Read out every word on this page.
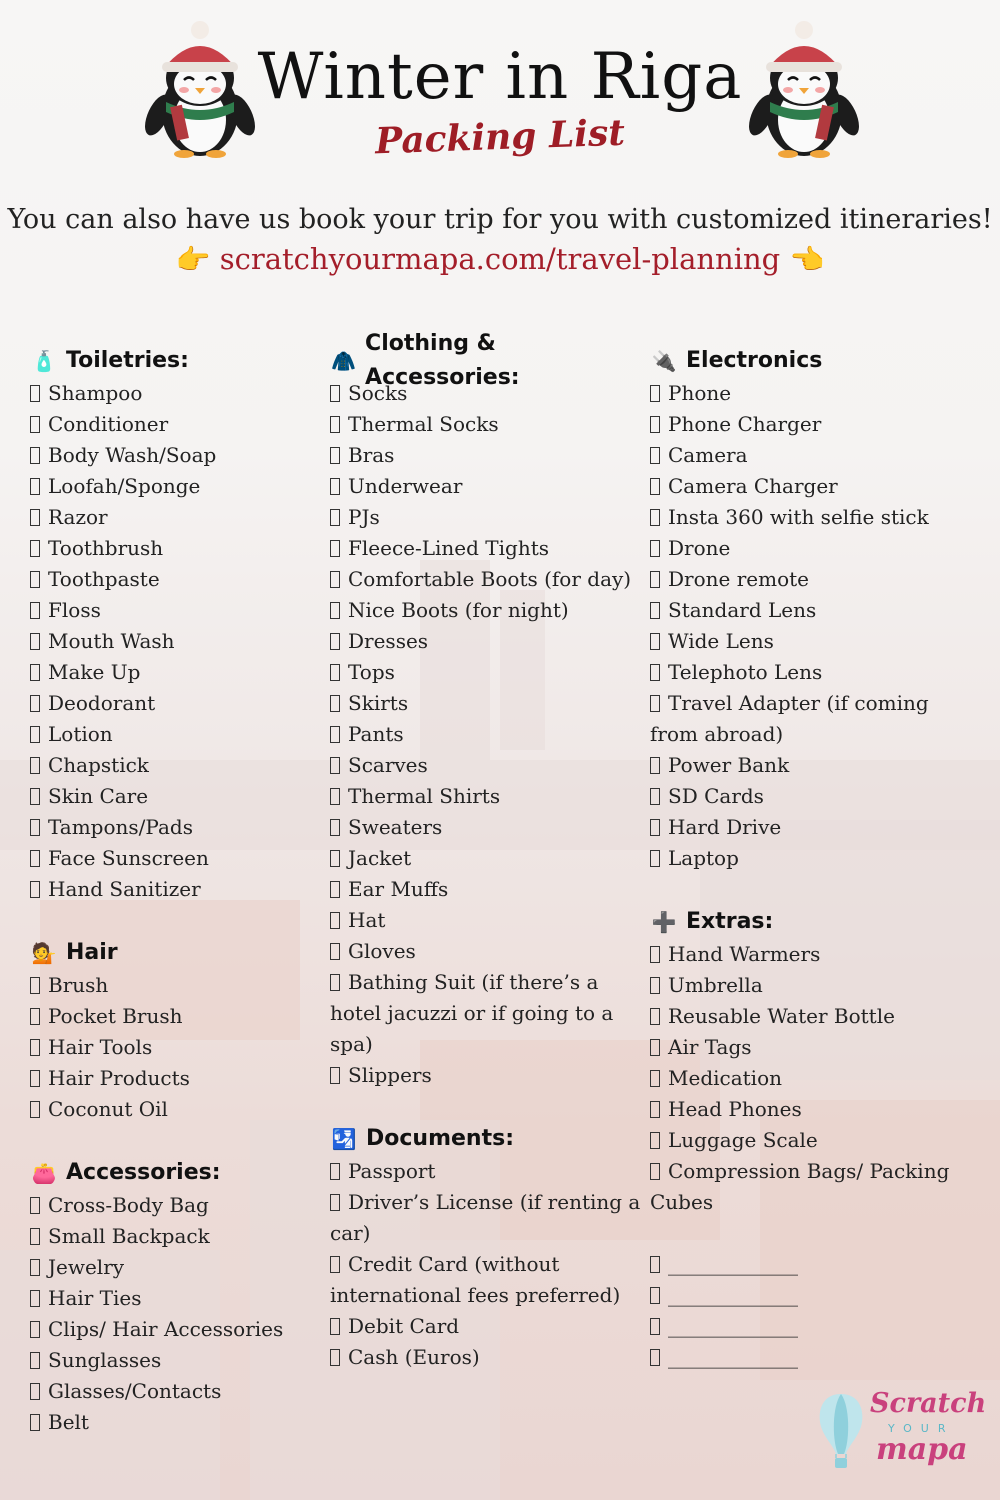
Winter in Riga
Packing List
You can also have us book your trip for you with customized itineraries!
👉 scratchyourmapa.com/travel-planning 👈
🧴 Toiletries:
Shampoo
Conditioner
Body Wash/Soap
Loofah/Sponge
Razor
Toothbrush
Toothpaste
Floss
Mouth Wash
Make Up
Deodorant
Lotion
Chapstick
Skin Care
Tampons/Pads
Face Sunscreen
Hand Sanitizer
💁 Hair
Brush
Pocket Brush
Hair Tools
Hair Products
Coconut Oil
👛 Accessories:
Cross-Body Bag
Small Backpack
Jewelry
Hair Ties
Clips/ Hair Accessories
Sunglasses
Glasses/Contacts
Belt
🧥
Clothing & Accessories:
Socks
Thermal Socks
Bras
Underwear
PJs
Fleece-Lined Tights
Comfortable Boots (for day)
Nice Boots (for night)
Dresses
Tops
Skirts
Pants
Scarves
Thermal Shirts
Sweaters
Jacket
Ear Muffs
Hat
Gloves
Bathing Suit (if there’s a hotel jacuzzi or if going to a spa)
Slippers
🛂 Documents:
Passport
Driver’s License (if renting a car)
Credit Card (without international fees preferred)
Debit Card
Cash (Euros)
🔌 Electronics
Phone
Phone Charger
Camera
Camera Charger
Insta 360 with selfie stick
Drone
Drone remote
Standard Lens
Wide Lens
Telephoto Lens
Travel Adapter (if coming from abroad)
Power Bank
SD Cards
Hard Drive
Laptop
➕ Extras:
Hand Warmers
Umbrella
Reusable Water Bottle
Air Tags
Medication
Head Phones
Luggage Scale
Compression Bags/ Packing Cubes
_____________
_____________
_____________
_____________
Scratch
YOUR
mapa
